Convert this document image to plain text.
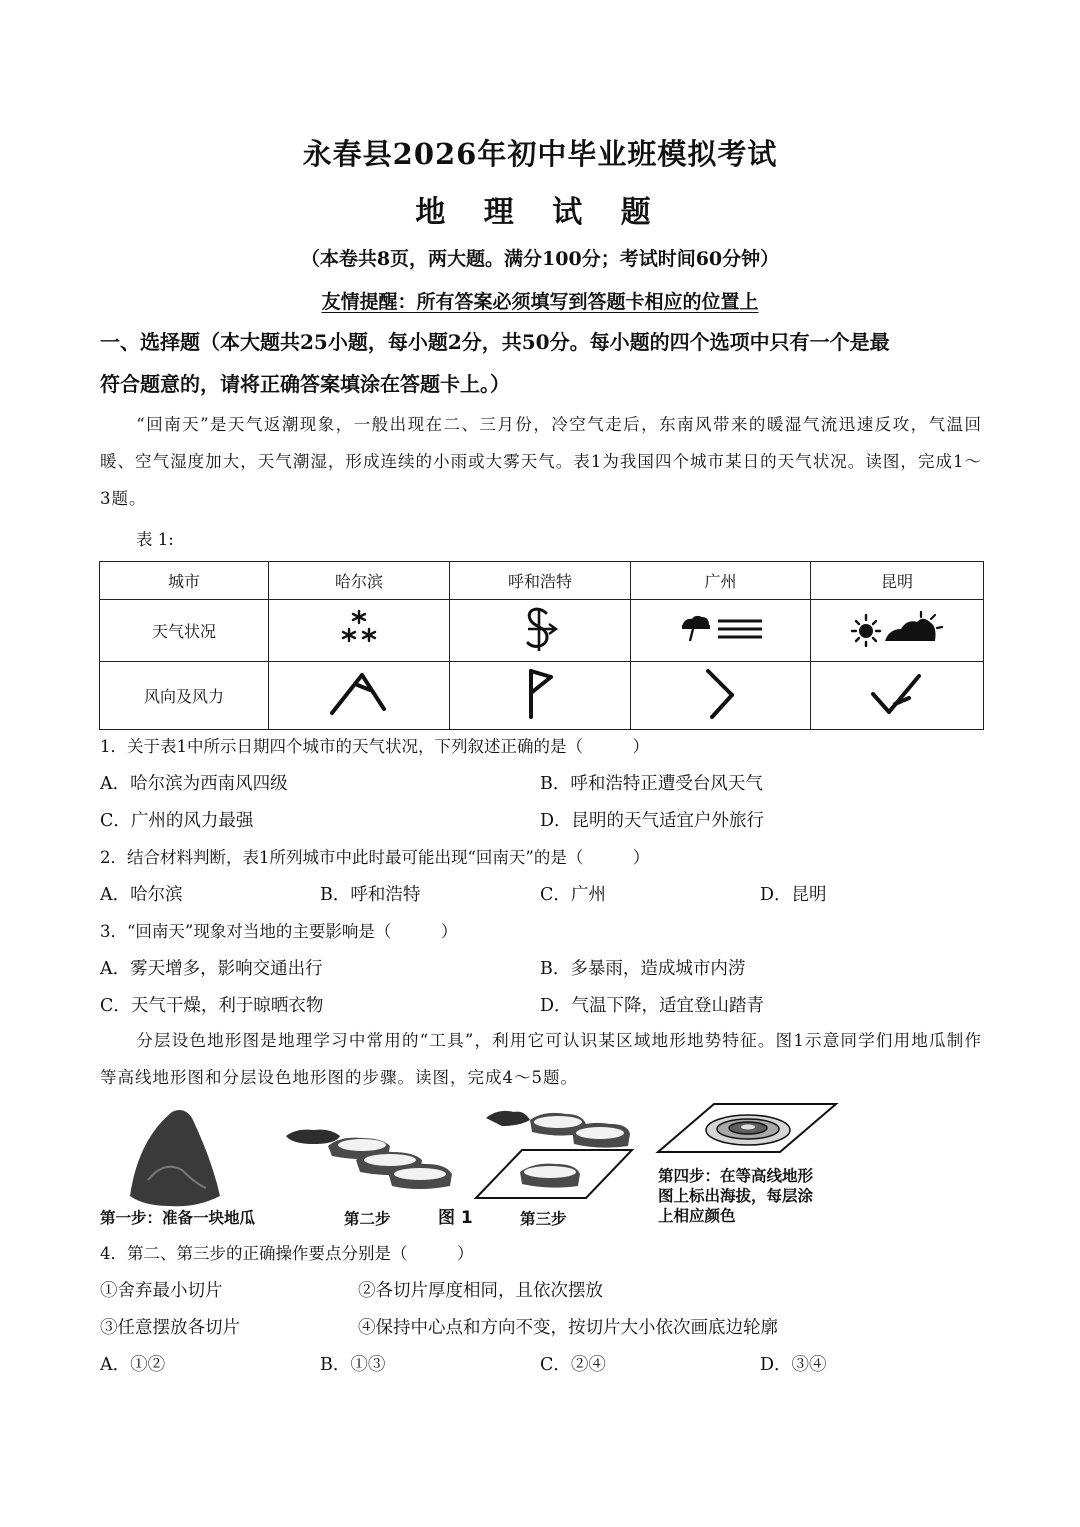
永春县2026年初中毕业班模拟考试
地 理 试 题
（本卷共8页，两大题。满分100分；考试时间60分钟）
友情提醒：所有答案必须填写到答题卡相应的位置上
一、选择题（本大题共25小题，每小题2分，共50分。每小题的四个选项中只有一个是最
符合题意的，请将正确答案填涂在答题卡上。）
“回南天”是天气返潮现象，一般出现在二、三月份，冷空气走后，东南风带来的暖湿气流迅速反攻，气温回暖、空气湿度加大，天气潮湿，形成连续的小雨或大雾天气。表1为我国四个城市某日的天气状况。读图，完成1～3题。
表 1:
城市	哈尔滨	呼和浩特	广州	昆明
天气状况				
风向及风力				
1．关于表1中所示日期四个城市的天气状况，下列叙述正确的是（　　　）
A．哈尔滨为西南风四级	B．呼和浩特正遭受台风天气
C．广州的风力最强	D．昆明的天气适宜户外旅行
2．结合材料判断，表1所列城市中此时最可能出现“回南天”的是（　　　）
A．哈尔滨	B．呼和浩特	C．广州	D．昆明
3．“回南天”现象对当地的主要影响是（　　　）
A．雾天增多，影响交通出行	B．多暴雨，造成城市内涝
C．天气干燥，利于晾晒衣物	D．气温下降，适宜登山踏青
分层设色地形图是地理学习中常用的“工具”，利用它可认识某区域地形地势特征。图1示意同学们用地瓜制作等高线地形图和分层设色地形图的步骤。读图，完成4～5题。
第一步：准备一块地瓜	第二步	图 1	第三步
第四步：在等高线地形
图上标出海拔，每层涂
上相应颜色
4．第二、第三步的正确操作要点分别是（　　　）
①舍弃最小切片	②各切片厚度相同，且依次摆放
③任意摆放各切片	④保持中心点和方向不变，按切片大小依次画底边轮廓
A．①②	B．①③	C．②④	D．③④
